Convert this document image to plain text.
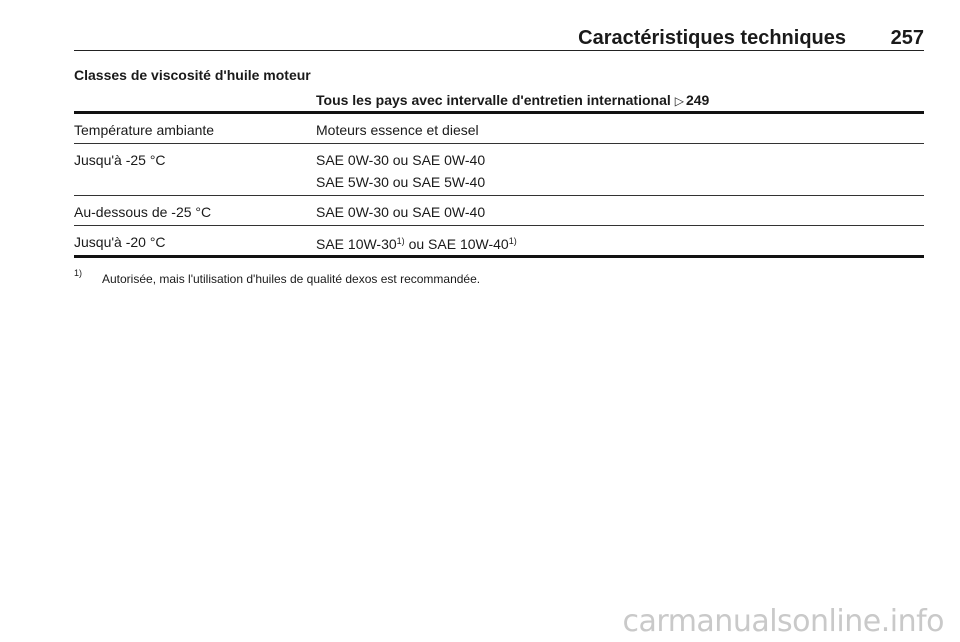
Caractéristiques techniques 257
Classes de viscosité d'huile moteur
Tous les pays avec intervalle d'entretien international ▷ 249
Température ambiante	Moteurs essence et diesel
Jusqu'à -25 °C	SAE 0W-30 ou SAE 0W-40
SAE 5W-30 ou SAE 5W-40
Au-dessous de -25 °C	SAE 0W-30 ou SAE 0W-40
Jusqu'à -20 °C	SAE 10W-30$^{1)}$ ou SAE 10W-40$^{1)}$
1) Autorisée, mais l'utilisation d'huiles de qualité dexos est recommandée.
carmanualsonline.info
